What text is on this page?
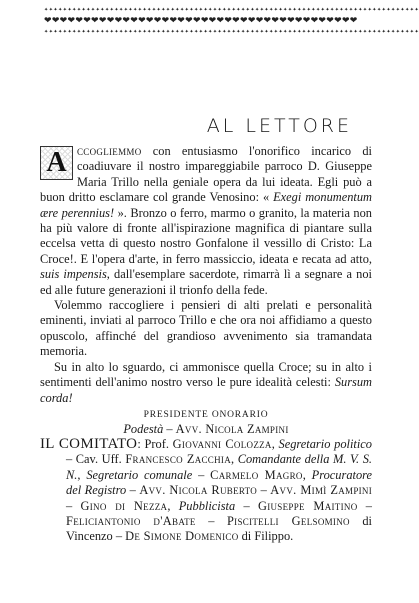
✦✦✦✦✦✦✦✦✦✦✦✦✦✦✦✦✦✦✦✦✦✦✦✦✦✦✦✦✦✦✦✦✦✦✦✦✦✦✦✦✦✦✦✦✦✦✦✦✦✦✦✦✦✦✦✦✦✦✦✦✦✦✦✦✦✦✦✦✦✦✦✦✦✦✦✦✦✦✦✦
❤❤❤❤❤❤❤❤❤❤❤❤❤❤❤❤❤❤❤❤❤❤❤❤❤❤❤❤❤❤❤❤❤❤❤❤❤❤❤❤
✦✦✦✦✦✦✦✦✦✦✦✦✦✦✦✦✦✦✦✦✦✦✦✦✦✦✦✦✦✦✦✦✦✦✦✦✦✦✦✦✦✦✦✦✦✦✦✦✦✦✦✦✦✦✦✦✦✦✦✦✦✦✦✦✦✦✦✦✦✦✦✦✦✦✦✦✦✦✦✦
AL LETTORE

A ccogliemmo con entusiasmo l'onorifico incarico di coadiuvare il nostro impareggiabile parroco D. Giuseppe Maria Trillo nella geniale opera da lui ideata. Egli può a buon dritto esclamare col grande Venosino: « Exegi monumentum ære perennius! ». Bronzo o ferro, marmo o granito, la materia non ha più valore di fronte all'ispirazione magnifica di piantare sulla eccelsa vetta di questo nostro Gonfalone il vessillo di Cristo: La Croce!. E l'opera d'arte, in ferro massiccio, ideata e recata ad atto, suis impensis, dall'esemplare sacerdote, rimarrà lì a segnare a noi ed alle future generazioni il trionfo della fede.

Volemmo raccogliere i pensieri di alti prelati e personalità eminenti, inviati al parroco Trillo e che ora noi affidiamo a questo opuscolo, affinché del grandioso avvenimento sia tramandata memoria.

Su in alto lo sguardo, ci ammonisce quella Croce; su in alto i sentimenti dell'animo nostro verso le pure idealità celesti: Sursum corda!

PRESIDENTE ONORARIO
Podestà – Avv. Nicola Zampini

IL COMITATO: Prof. Giovanni Colozza, Segretario politico – Cav. Uff. Francesco Zacchia, Comandante della M. V. S. N., Segretario comunale – Carmelo Magro, Procuratore del Registro – Avv. Nicola Ruberto – Avv. Mimì Zampini – Gino di Nezza, Pubblicista – Giuseppe Maitino – Feliciantonio d'Abate – Piscitelli Gelsomino di Vincenzo – De Simone Domenico di Filippo.
